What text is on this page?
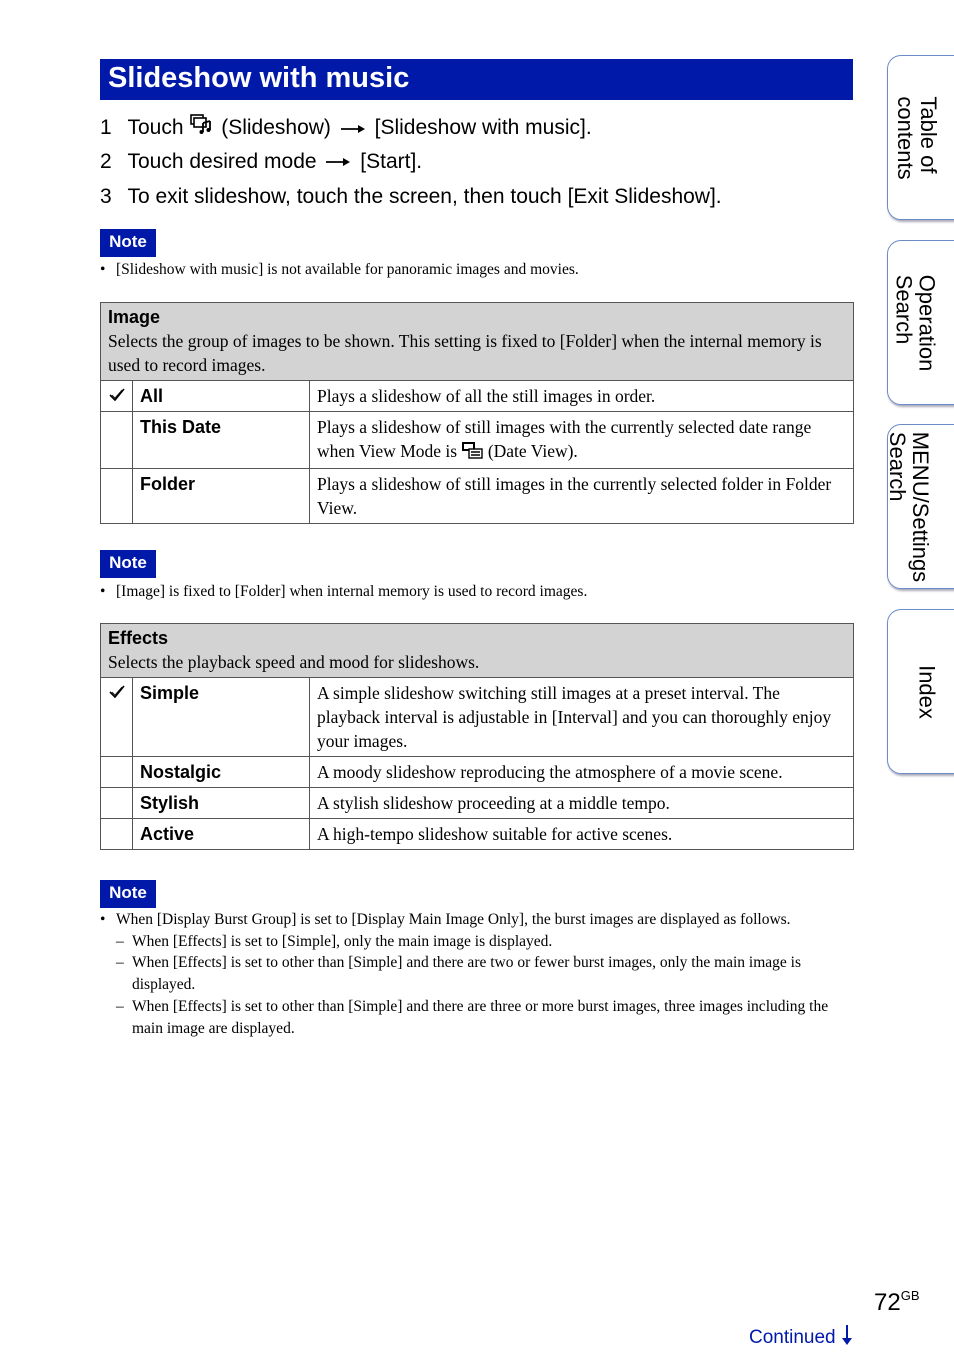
Slideshow with music
1 Touch (Slideshow) [Slideshow with music].
2 Touch desired mode [Start].
3 To exit slideshow, touch the screen, then touch [Exit Slideshow].
Note
• [Slideshow with music] is not available for panoramic images and movies.
Image
Selects the group of images to be shown. This setting is fixed to [Folder] when the internal memory is used to record images.		

	All	Plays a slideshow of all the still images in order.
	This Date	Plays a slideshow of still images with the currently selected date range when View Mode is (Date View).
	Folder	Plays a slideshow of still images in the currently selected folder in Folder View.
Note
• [Image] is fixed to [Folder] when internal memory is used to record images.
Effects
Selects the playback speed and mood for slideshows.		

	Simple	A simple slideshow switching still images at a preset interval. The playback interval is adjustable in [Interval] and you can thoroughly enjoy your images.
	Nostalgic	A moody slideshow reproducing the atmosphere of a movie scene.
	Stylish	A stylish slideshow proceeding at a middle tempo.
	Active	A high-tempo slideshow suitable for active scenes.
Note
• When [Display Burst Group] is set to [Display Main Image Only], the burst images are displayed as follows.
– When [Effects] is set to [Simple], only the main image is displayed.
– When [Effects] is set to other than [Simple] and there are two or fewer burst images, only the main image is displayed.
– When [Effects] is set to other than [Simple] and there are three or more burst images, three images including the main image are displayed.
Table of
contents
Operation
Search
MENU/Settings
Search
Index
$72^{GB}$
Continued
